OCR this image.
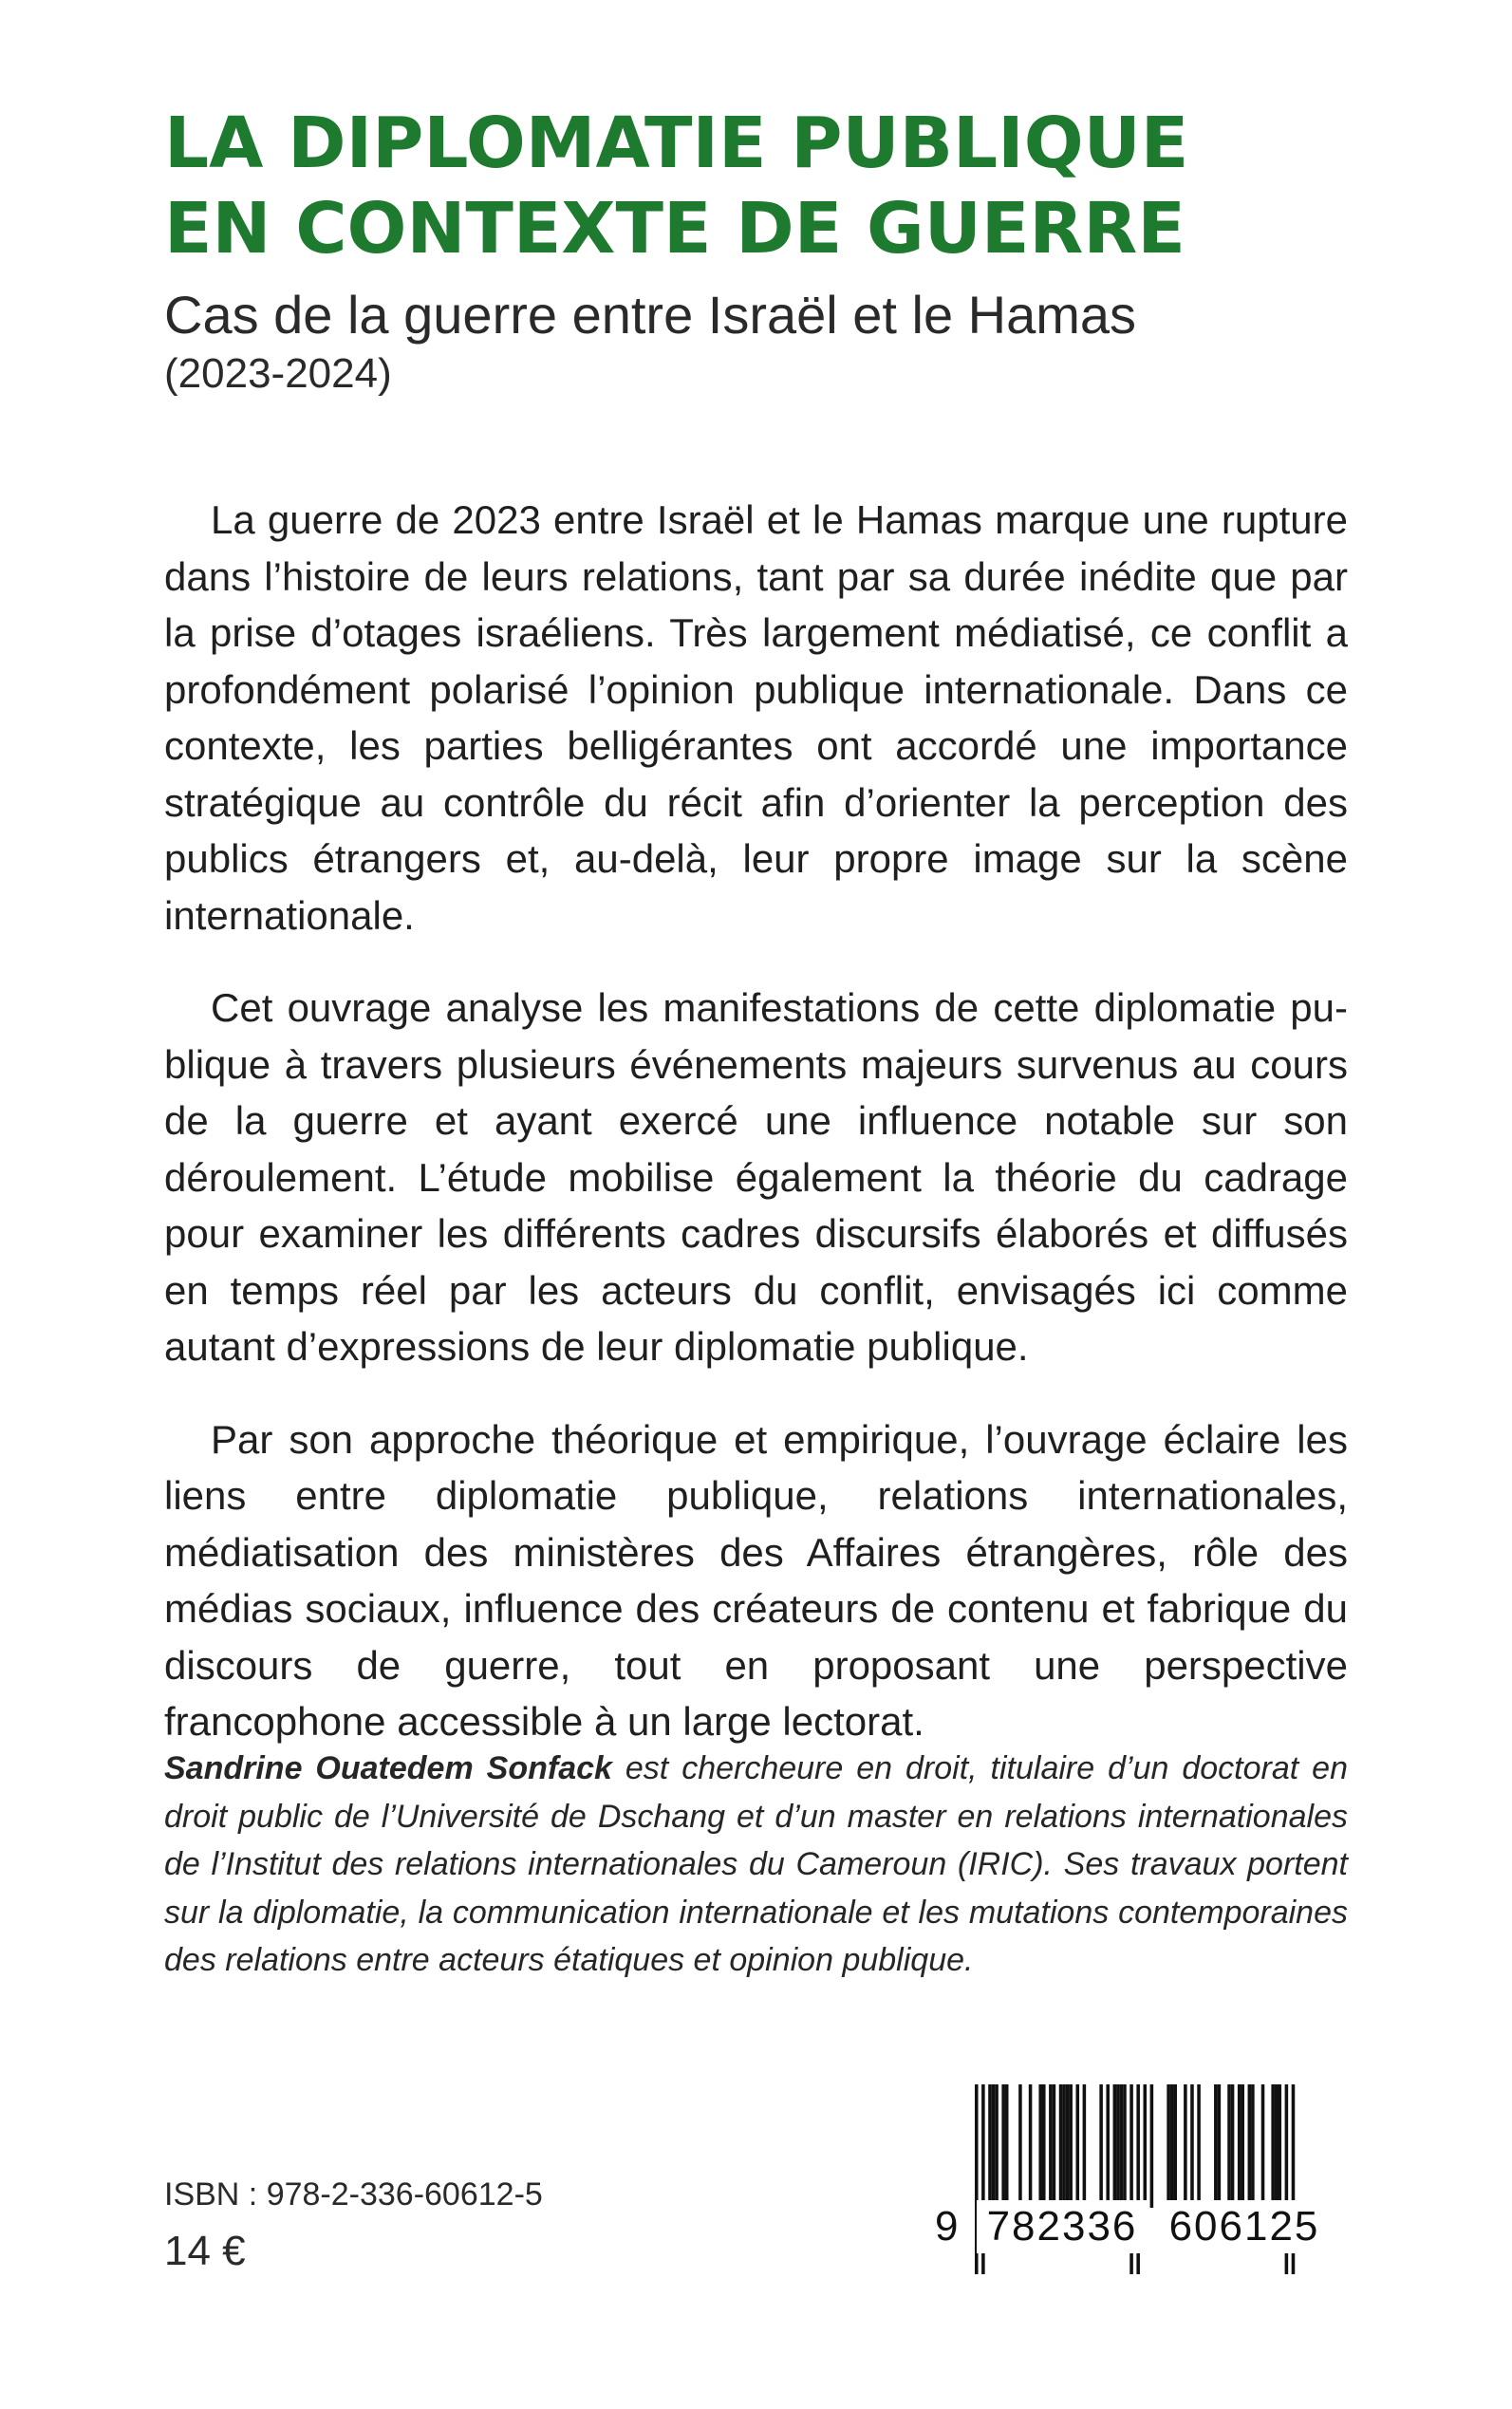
LA DIPLOMATIE PUBLIQUE
EN CONTEXTE DE GUERRE
Cas de la guerre entre Israël et le Hamas
(2023-2024)

La guerre de 2023 entre Israël et le Hamas marque une rupture dans l’histoire de leurs relations, tant par sa durée inédite que par la prise d’otages israéliens. Très largement médiatisé, ce conflit a profondément polarisé l’opinion publique internationale. Dans ce contexte, les parties belligérantes ont accordé une importance stratégique au contrôle du récit afin d’orienter la perception des publics étrangers et, au-delà, leur propre image sur la scène internationale.

Cet ouvrage analyse les manifestations de cette diplomatie publique à travers plusieurs événements majeurs survenus au cours de la guerre et ayant exercé une influence notable sur son déroulement. L’étude mobilise également la théorie du cadrage pour examiner les différents cadres discursifs élaborés et diffusés en temps réel par les acteurs du conflit, envisagés ici comme autant d’expressions de leur diplomatie publique.

Par son approche théorique et empirique, l’ouvrage éclaire les liens entre diplomatie publique, relations internationales, médiatisation des ministères des Affaires étrangères, rôle des médias sociaux, influence des créateurs de contenu et fabrique du discours de guerre, tout en proposant une perspective francophone accessible à un large lectorat.

Sandrine Ouatedem Sonfack est chercheure en droit, titulaire d’un doctorat en droit public de l’Université de Dschang et d’un master en relations internationales de l’Institut des relations internationales du Cameroun (IRIC). Ses travaux portent sur la diplomatie, la communication internationale et les mutations contemporaines des relations entre acteurs étatiques et opinion publique.
ISBN : 978-2-336-60612-5
14 €
9 782336 606125
